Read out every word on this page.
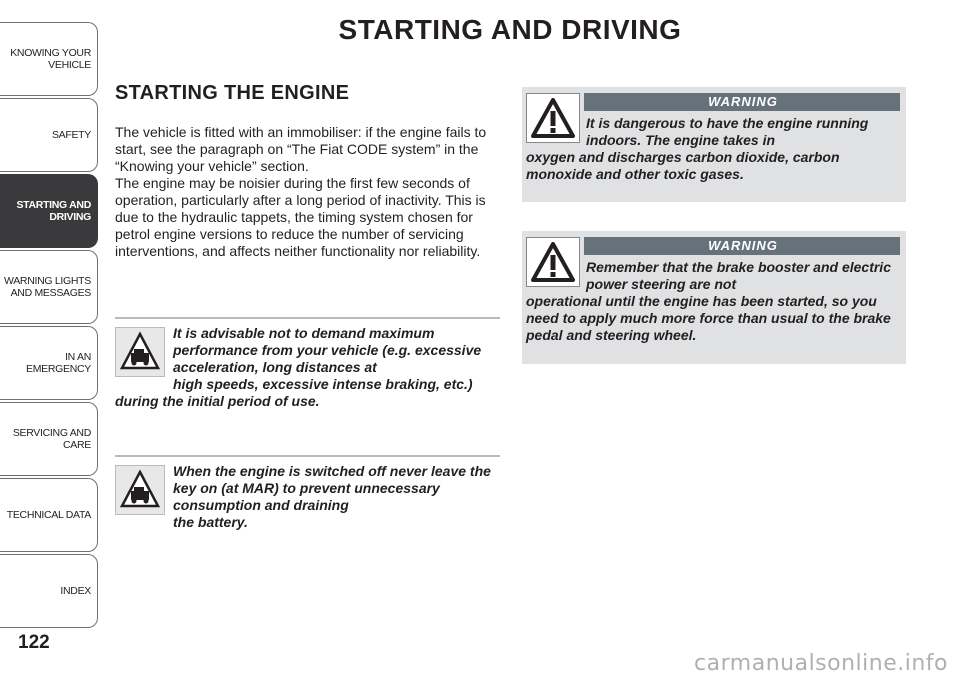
KNOWING YOUR
VEHICLE
SAFETY
STARTING AND
DRIVING
WARNING LIGHTS
AND MESSAGES
IN AN EMERGENCY
SERVICING AND
CARE
TECHNICAL DATA
INDEX
122
STARTING AND DRIVING
STARTING THE ENGINE
The vehicle is fitted with an immobiliser: if the engine fails to start, see the paragraph on “The Fiat CODE system” in the “Knowing your vehicle” section.
The engine may be noisier during the first few seconds of operation, particularly after a long period of inactivity. This is due to the hydraulic tappets, the timing system chosen for petrol engine versions to reduce the number of servicing interventions, and affects neither functionality nor reliability.
It is advisable not to demand maximum performance from your vehicle (e.g. excessive acceleration, long distances at
high speeds, excessive intense braking, etc.) during the initial period of use.
When the engine is switched off never leave the key on (at MAR) to prevent unnecessary consumption and draining
the battery.
WARNING
It is dangerous to have the engine running indoors. The engine takes in
oxygen and discharges carbon dioxide, carbon monoxide and other toxic gases.
WARNING
Remember that the brake booster and electric power steering are not
operational until the engine has been started, so you need to apply much more force than usual to the brake pedal and steering wheel.
carmanualsonline.info
